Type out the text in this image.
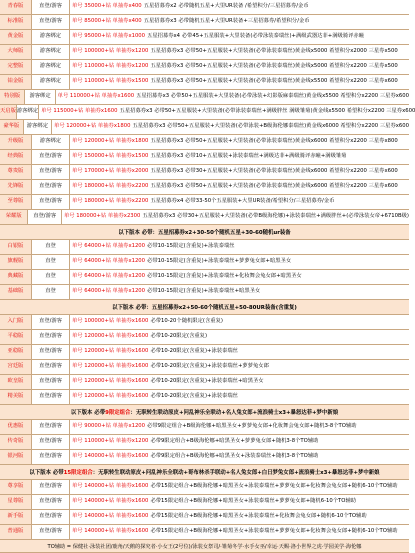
青春版	直登/游客	单号 35000+钻 单抽券x400 五星招募券x2 必带随机五星+大里UR装备 /希望积分/三星招募券/金币
标准版	直登/游客	单号 85000+钻 单抽券x400 五星招募券x3 必带随机五星+大里UR装备+三星招募券/希望积分/金币
黄金版	游客绑定	单号 95000+钻 单抽券x1000 五星招募券x4 必带45+五星服装+大里装备(必带泳装泰瑞丝)+满级武器达菲+满级骑评赤瞳
大师版	游客绑定	单号 100000+钻 单抽券x1200 五星招募券x3 必带50+五星服装+大里装备(必带泳装泰瑞丝)黄金线x5000 希望积分x2000 三星券x500
完整版	游客绑定	单号 110000+钻 单抽券x1200 五星招募券x3 必带50+五星服装+大里装备(必带泳装泰瑞丝)黄金线x5000 希望积分x2200 三星券x500
铂金版	游客绑定	单号 110000+钻 单抽券x1500 五星招募券x3 必带50+五星服装+大里装备(必带泳装泰瑞丝)黄金线x5500 希望积分x2200 三星券x600
特别版	游客绑定	单号 110000+钻 单抽券x1600 五星招募券x3 必带50+五星服装+大里装备(必带泳装+幻影版麻泰瑞丝)黄金线x5500 希望积分x2200 三星券x600
天启版 游客绑定 单号 115000+钻 单抽券x1600 五星招募券x3 必带50+五星服装+大里装备(必带泳装泰瑞丝+满级胖丝 满级雏菊)黄金线x5500 希望积分x2200 三星券x600
豪华版	游客绑定	单号 120000+钻 单抽券x1800 五星招募券x3 必带50+五星服装+大里装备(必带泳装+B级海伦娜泰瑞丝)黄金线x6000 希望积分x2200 三星券x600
升级版	游客绑定	单号 120000+钻 单抽券x1800 五星招募券x3 必带50+五星服装+大里装备(必带泳装泰瑞丝)黄金线x6000 希望积分x2200 三星券x800
经典版	直登/游客	单号 150000+钻 单抽券x1500 五星招募券x3 必带10+五星服装+泳装泰瑞丝+满级达菲+满级骑评赤瞳+满级雏菊
尊贵版	直登/游客	单号 170000+钻 单抽券x2000 五星招募券x3 必带30+五星服装+大里装备(必带泳装泰瑞丝)黄金线x6000 希望积分x2200 三星券x600
先锋版	直登/游客	单号 180000+钻 单抽券x2200 五星招募券x3 必带50+五星服装+大里装备(必带泳装泰瑞丝)黄金线x6000 希望积分x2200 三星券x600
至尊版	直登/游客	单号 180000+钻 单抽券x2200 五星招募券x4 必带33-50个五星服装+大里UR装备/希望积分/三星招募券/金币
荣耀版	直登/游客	单号 180000+钻 单抽券x2300 五星招募券x3 必带30+五星服装+大里装备(必带B级海伦娜)+泳装泰瑞丝+满级胖丝+(必带泳装女帝+6710B级)
以下版本 必带：五星招募券x2+30-50个随机五星+30-60随机ur装备
白银版	直登	单号 64000+钻 单抽券x1200 必带10-15限定(含重复)+泳装泰瑞丝
旗舰版	直登	单号 64000+钻 单抽券x1200 必带10-15限定(含重复)+泳装泰瑞丝+萝萝兔女郎+暗黑圣女
典藏版	直登	单号 64000+钻 单抽券x1200 必带10-15限定(含重复)+泳装泰瑞丝+化妆舞会兔女郎+暗黑圣女
基础版	直登	单号 64000+钻 单抽券x1200 必带10-15限定(含重复)+泳装泰瑞丝+暗黑圣女
以下版本 必带：五星招募券x2+50-60个随机五星+50-80UR装备(含重复)
入门版	直登/游客	单号 100000+钻 单抽券x1600 必带10-20个随机限定(含重复)
平稳版	直登/游客	单号 120000+钻 单抽券x1600 必带10-20限定(含重复)
亚稳版	直登/游客	单号 120000+钻 单抽券x1600 必带10-20限定(含重复)+泳装泰瑞丝
宫廷版	直登/游客	单号 120000+钻 单抽券x1600 必带10-20限定(含重复)+泳装泰瑞丝+萝萝兔女郎
欧皇版	直登/游客	单号 120000+钻 单抽券x1600 必带10-20限定(含重复)+泳装泰瑞丝+暗黑圣女
精美版	直登/游客	单号 120000+钻 单抽券x1600 必带10-20限定(含重复)+泳装泰瑞丝
以下版本 必带 9限定组合 ：无职转生联动原皮+问乱神乐全联动+名人兔女郎+流浪骑士x3+暴怒达菲+梦中新娘
优惠版	直登/游客	单号 90000+钻 单抽券x1200 必带9限定组合+B级海伦娜+暗黑圣女+萝萝兔女郎+化妆舞会兔女郎+随机3-8个TO辅助
传奇版	直登/游客	单号 110000+钻 单抽券x1200 必带9限定组合+B级海伦娜+暗黑圣女+萝萝兔女郎+随机3-8个TO辅助
银河版	直登/游客	单号 140000+钻 单抽券x1600 必带9限定组合+B级海伦娜+暗黑圣女+泳装泰瑞丝+随机3-8个TO辅助
以下版本 必带 15限定组合 ：无职转生联动原皮+问乱神乐全联动+哥布林杀手联动+名人兔女郎+白日梦兔女郎+流浪骑士x3+暴怒达菲+梦中新娘
尊享版	直登/游客	单号 140000+钻 单抽券x1600 必带15限定组合+B级海伦娜+暗黑圣女+泳装泰瑞丝+萝萝兔女郎+化妆舞会兔女郎+随机6-10个TO辅助
星尊版	直登/游客	单号 140000+钻 单抽券x1600 必带15限定组合+B级海伦娜+暗黑圣女+泳装泰瑞丝+萝萝兔女郎+随机6-10个TO辅助
新手版	直登/游客	单号 140000+钻 单抽券x1600 必带15限定组合+B级海伦娜+暗黑圣女+泳装泰瑞丝+化妆舞会兔女郎+随机6-10个TO辅助
普通版	直登/游客	单号 140000+钻 单抽券x1600 必带15限定组合+B级海伦娜+暗黑圣女+泳装泰瑞丝+萝萝兔女郎+化妆舞会兔女郎+随机6-10个TO辅助
TO辅助 = 保健社·泳装社团/鹿角/天鹅的探究者·小女王(2号位)/泳装女祭司/·雏菊冬学·水手女巫/幸运·天赐·洛小世界之虎·学园美学·海伦娜
